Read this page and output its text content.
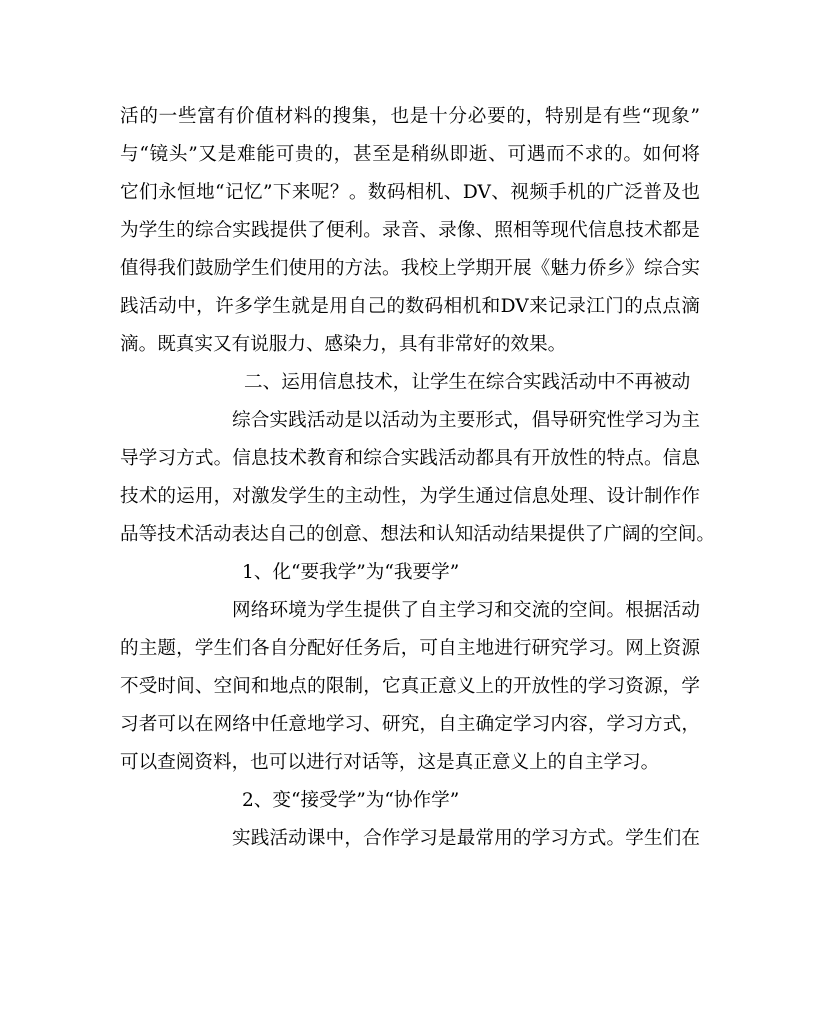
活的一些富有价值材料的搜集，也是十分必要的，特别是有些“现象”
与“镜头”又是难能可贵的，甚至是稍纵即逝、可遇而不求的。如何将
它们永恒地“记忆”下来呢？。数码相机、DV、视频手机的广泛普及也
为学生的综合实践提供了便利。录音、录像、照相等现代信息技术都是
值得我们鼓励学生们使用的方法。我校上学期开展《魅力侨乡》综合实
践活动中，许多学生就是用自己的数码相机和DV来记录江门的点点滴
滴。既真实又有说服力、感染力，具有非常好的效果。
二、运用信息技术，让学生在综合实践活动中不再被动
综合实践活动是以活动为主要形式，倡导研究性学习为主
导学习方式。信息技术教育和综合实践活动都具有开放性的特点。信息
技术的运用，对激发学生的主动性，为学生通过信息处理、设计制作作
品等技术活动表达自己的创意、想法和认知活动结果提供了广阔的空间。
1、化“要我学”为“我要学”
网络环境为学生提供了自主学习和交流的空间。根据活动
的主题，学生们各自分配好任务后，可自主地进行研究学习。网上资源
不受时间、空间和地点的限制，它真正意义上的开放性的学习资源，学
习者可以在网络中任意地学习、研究，自主确定学习内容，学习方式，
可以查阅资料，也可以进行对话等，这是真正意义上的自主学习。
2、变“接受学”为“协作学”
实践活动课中，合作学习是最常用的学习方式。学生们在
